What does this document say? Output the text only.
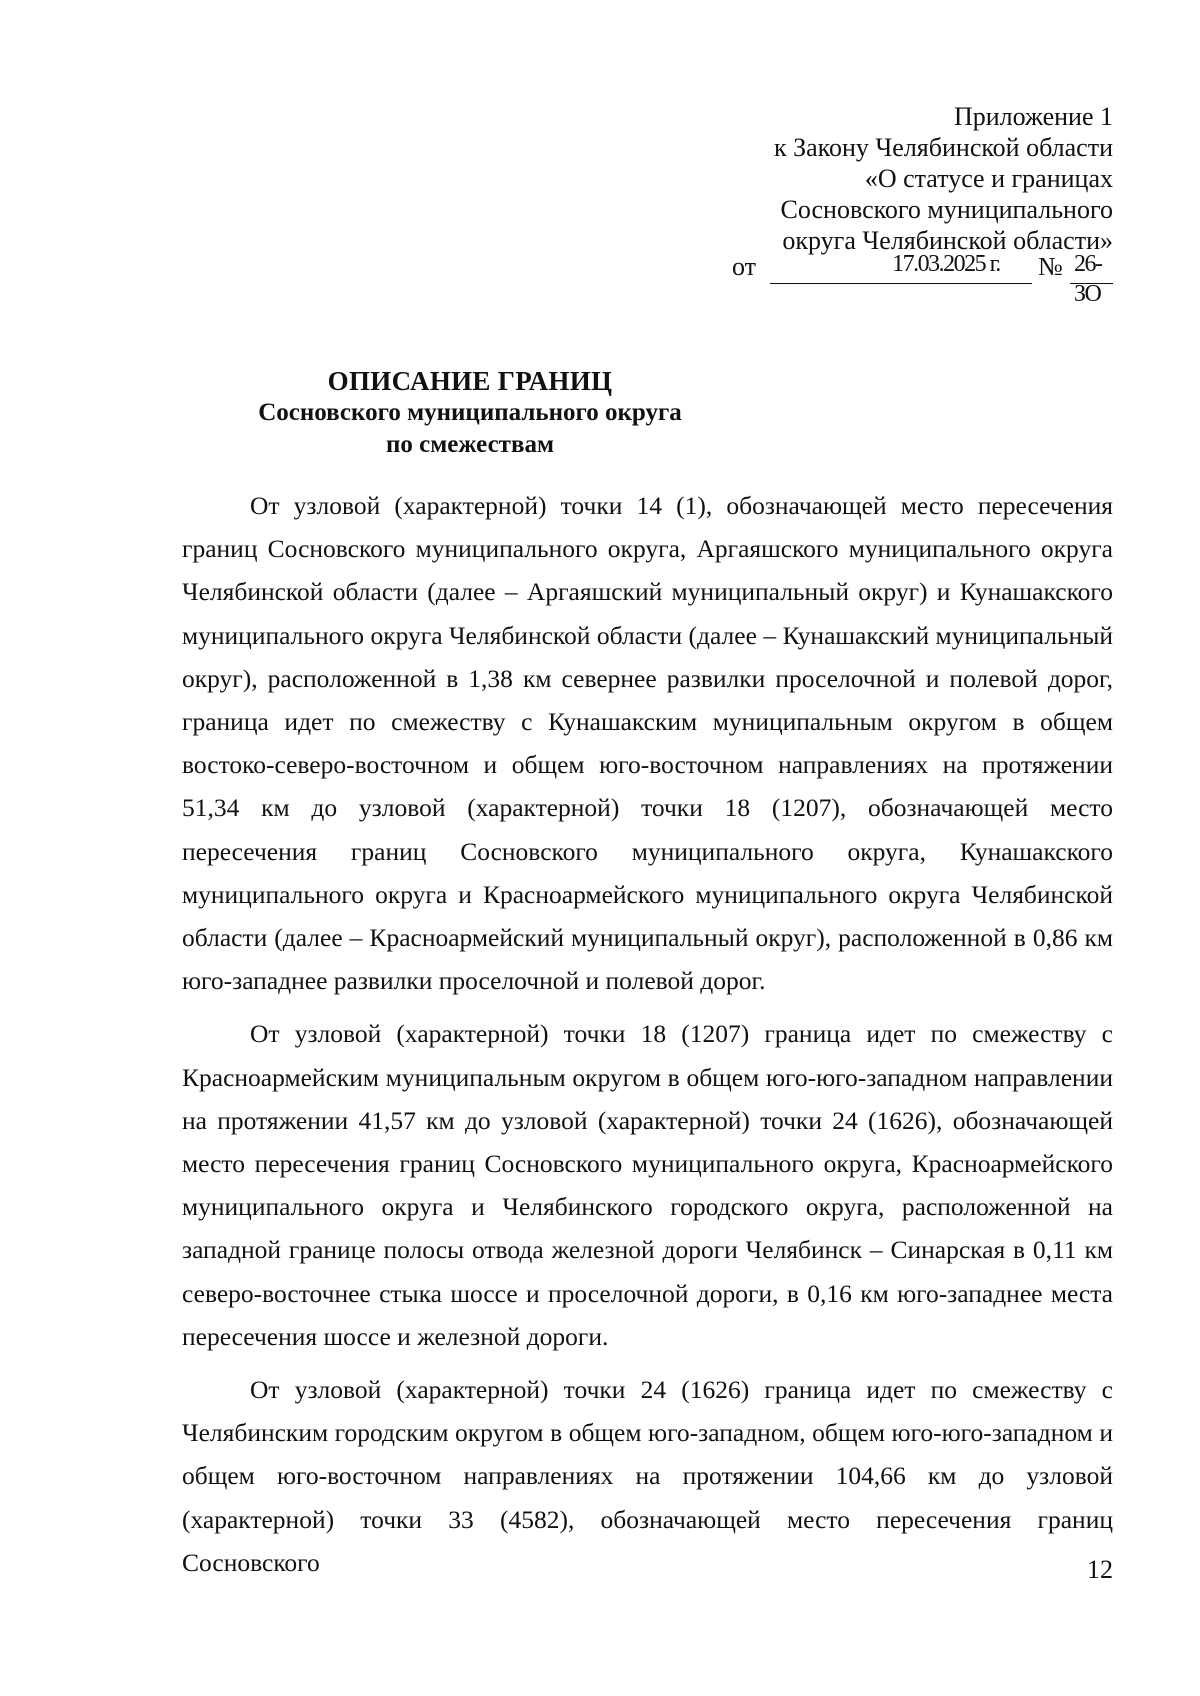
Приложение 1
к Закону Челябинской области
«О статусе и границах
Сосновского муниципального
округа Челябинской области»
от	17.03.2025 г.	№ 26-ЗО
ОПИСАНИЕ ГРАНИЦ
Сосновского муниципального округа
по смежествам

От узловой (характерной) точки 14 (1), обозначающей место пересечения границ Сосновского муниципального округа, Аргаяшского муниципального округа Челябинской области (далее – Аргаяшский муниципальный округ) и Кунашакского муниципального округа Челябинской области (далее – Кунашакский муниципальный округ), расположенной в 1,38 км севернее развилки проселочной и полевой дорог, граница идет по смежеству с Кунашакским муниципальным округом в общем востоко-северо-восточном и общем юго-восточном направлениях на протяжении 51,34 км до узловой (характерной) точки 18 (1207), обозначающей место пересечения границ Сосновского муниципального округа, Кунашакского муниципального округа и Красноармейского муниципального округа Челябинской области (далее – Красноармейский муниципальный округ), расположенной в 0,86 км юго-западнее развилки проселочной и полевой дорог.

От узловой (характерной) точки 18 (1207) граница идет по смежеству с Красноармейским муниципальным округом в общем юго-юго-западном направлении на протяжении 41,57 км до узловой (характерной) точки 24 (1626), обозначающей место пересечения границ Сосновского муниципального округа, Красноармейского муниципального округа и Челябинского городского округа, расположенной на западной границе полосы отвода железной дороги Челябинск – Синарская в 0,11 км северо-восточнее стыка шоссе и проселочной дороги, в 0,16 км юго-западнее места пересечения шоссе и железной дороги.

От узловой (характерной) точки 24 (1626) граница идет по смежеству с Челябинским городским округом в общем юго-западном, общем юго-юго-западном и общем юго-восточном направлениях на протяжении 104,66 км до узловой (характерной) точки 33 (4582), обозначающей место пересечения границ Сосновского	12
